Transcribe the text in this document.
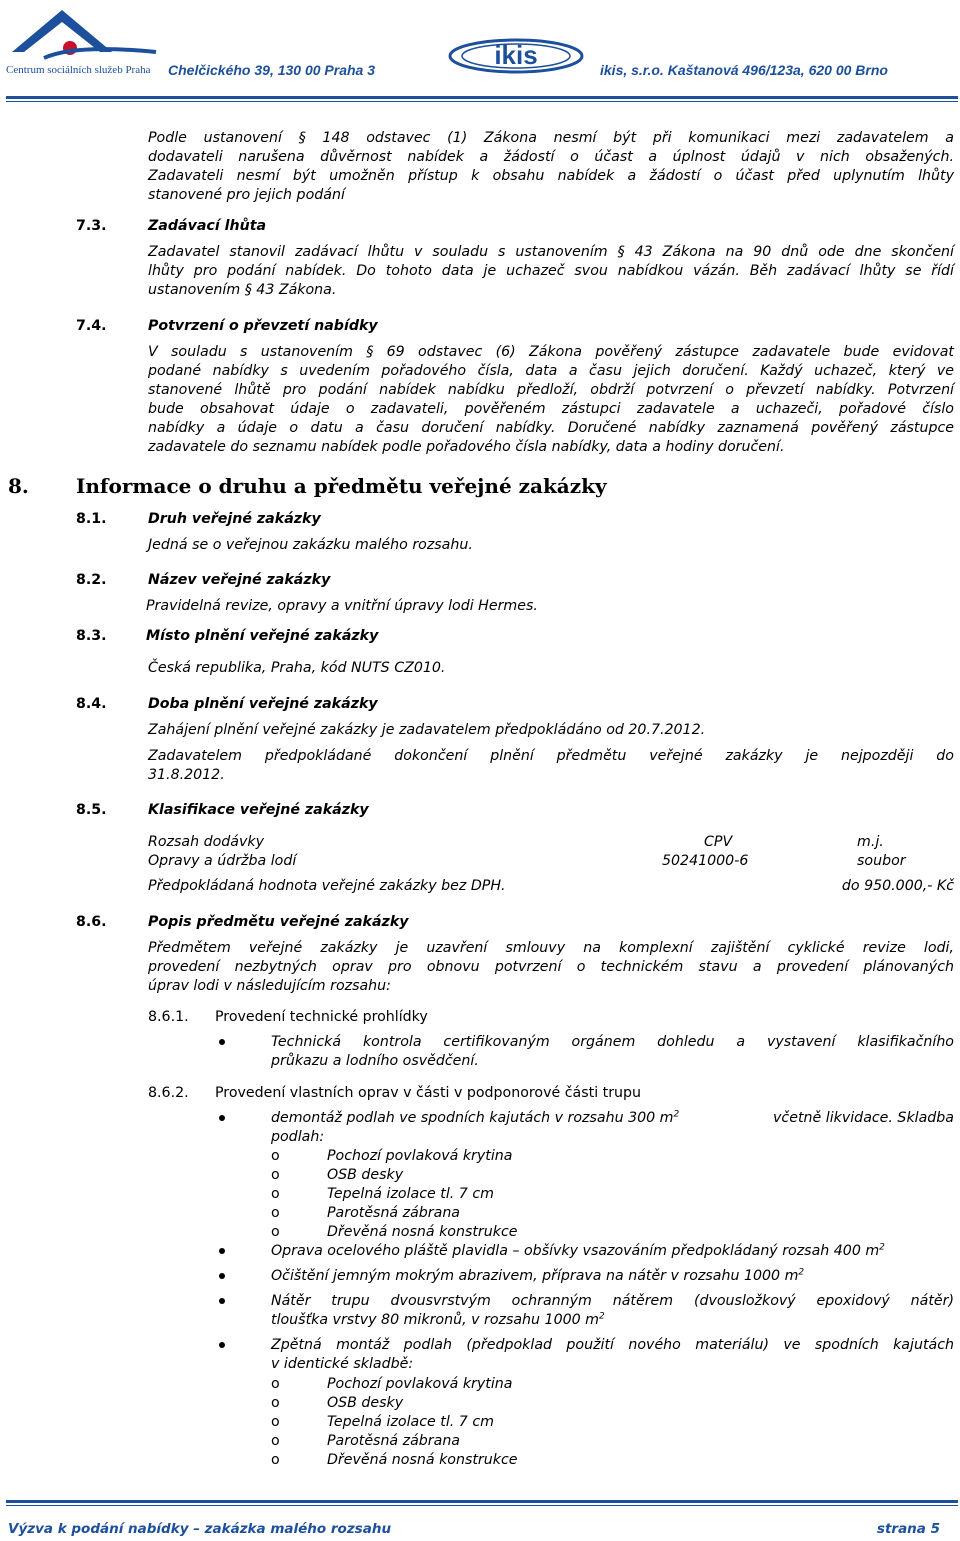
Centrum sociálních služeb Praha Chelčického 39, 130 00 Praha 3	ikis	ikis, s.r.o. Kaštanová 496/123a, 620 00 Brno
Podle ustanovení § 148 odstavec (1) Zákona nesmí být při komunikaci mezi zadavatelem a
dodavateli narušena důvěrnost nabídek a žádostí o účast a úplnost údajů v nich obsažených.
Zadavateli nesmí být umožněn přístup k obsahu nabídek a žádostí o účast před uplynutím lhůty
stanovené pro jejich podání
7.3.	Zadávací lhůta
Zadavatel stanovil zadávací lhůtu v souladu s ustanovením § 43 Zákona na 90 dnů ode dne skončení
lhůty pro podání nabídek. Do tohoto data je uchazeč svou nabídkou vázán. Běh zadávací lhůty se řídí
ustanovením § 43 Zákona.
7.4.	Potvrzení o převzetí nabídky
V souladu s ustanovením § 69 odstavec (6) Zákona pověřený zástupce zadavatele bude evidovat
podané nabídky s uvedením pořadového čísla, data a času jejich doručení. Každý uchazeč, který ve
stanovené lhůtě pro podání nabídek nabídku předloží, obdrží potvrzení o převzetí nabídky. Potvrzení
bude obsahovat údaje o zadavateli, pověřeném zástupci zadavatele a uchazeči, pořadové číslo
nabídky a údaje o datu a času doručení nabídky. Doručené nabídky zaznamená pověřený zástupce
zadavatele do seznamu nabídek podle pořadového čísla nabídky, data a hodiny doručení.
8. Informace o druhu a předmětu veřejné zakázky
8.1.	Druh veřejné zakázky
Jedná se o veřejnou zakázku malého rozsahu.
8.2.	Název veřejné zakázky
Pravidelná revize, opravy a vnitřní úpravy lodi Hermes.
8.3.	Místo plnění veřejné zakázky
Česká republika, Praha, kód NUTS CZ010.
8.4.	Doba plnění veřejné zakázky
Zahájení plnění veřejné zakázky je zadavatelem předpokládáno od 20.7.2012.
Zadavatelem předpokládané dokončení plnění předmětu veřejné zakázky je nejpozději do
31.8.2012.
8.5.	Klasifikace veřejné zakázky
Rozsah dodávky	CPV	m.j.
Opravy a údržba lodí	50241000-6	soubor
Předpokládaná hodnota veřejné zakázky bez DPH.	do 950.000,- Kč
8.6.	Popis předmětu veřejné zakázky
Předmětem veřejné zakázky je uzavření smlouvy na komplexní zajištění cyklické revize lodi,
provedení nezbytných oprav pro obnovu potvrzení o technickém stavu a provedení plánovaných
úprav lodi v následujícím rozsahu:
8.6.1. Provedení technické prohlídky
Technická kontrola certifikovaným orgánem dohledu a vystavení klasifikačního
průkazu a lodního osvědčení.
8.6.2. Provedení vlastních oprav v části v podponorové části trupu
demontáž podlah ve spodních kajutách v rozsahu 300 $m^2$	včetně likvidace. Skladba
podlah:
o	Pochozí povlaková krytina
o	OSB desky
o	Tepelná izolace tl. 7 cm
o	Parotěsná zábrana
o	Dřevěná nosná konstrukce
Oprava ocelového pláště plavidla – obšívky vsazováním předpokládaný rozsah 400 $m^2$
Očištění jemným mokrým abrazivem, příprava na nátěr v rozsahu 1000 $m^2$
Nátěr trupu dvousvrstvým ochranným nátěrem (dvousložkový epoxidový nátěr)
tloušťka vrstvy 80 mikronů, v rozsahu 1000 $m^2$
Zpětná montáž podlah (předpoklad použití nového materiálu) ve spodních kajutách
v identické skladbě:
o	Pochozí povlaková krytina
o	OSB desky
o	Tepelná izolace tl. 7 cm
o	Parotěsná zábrana
o	Dřevěná nosná konstrukce
Výzva k podání nabídky – zakázka malého rozsahu	strana 5
